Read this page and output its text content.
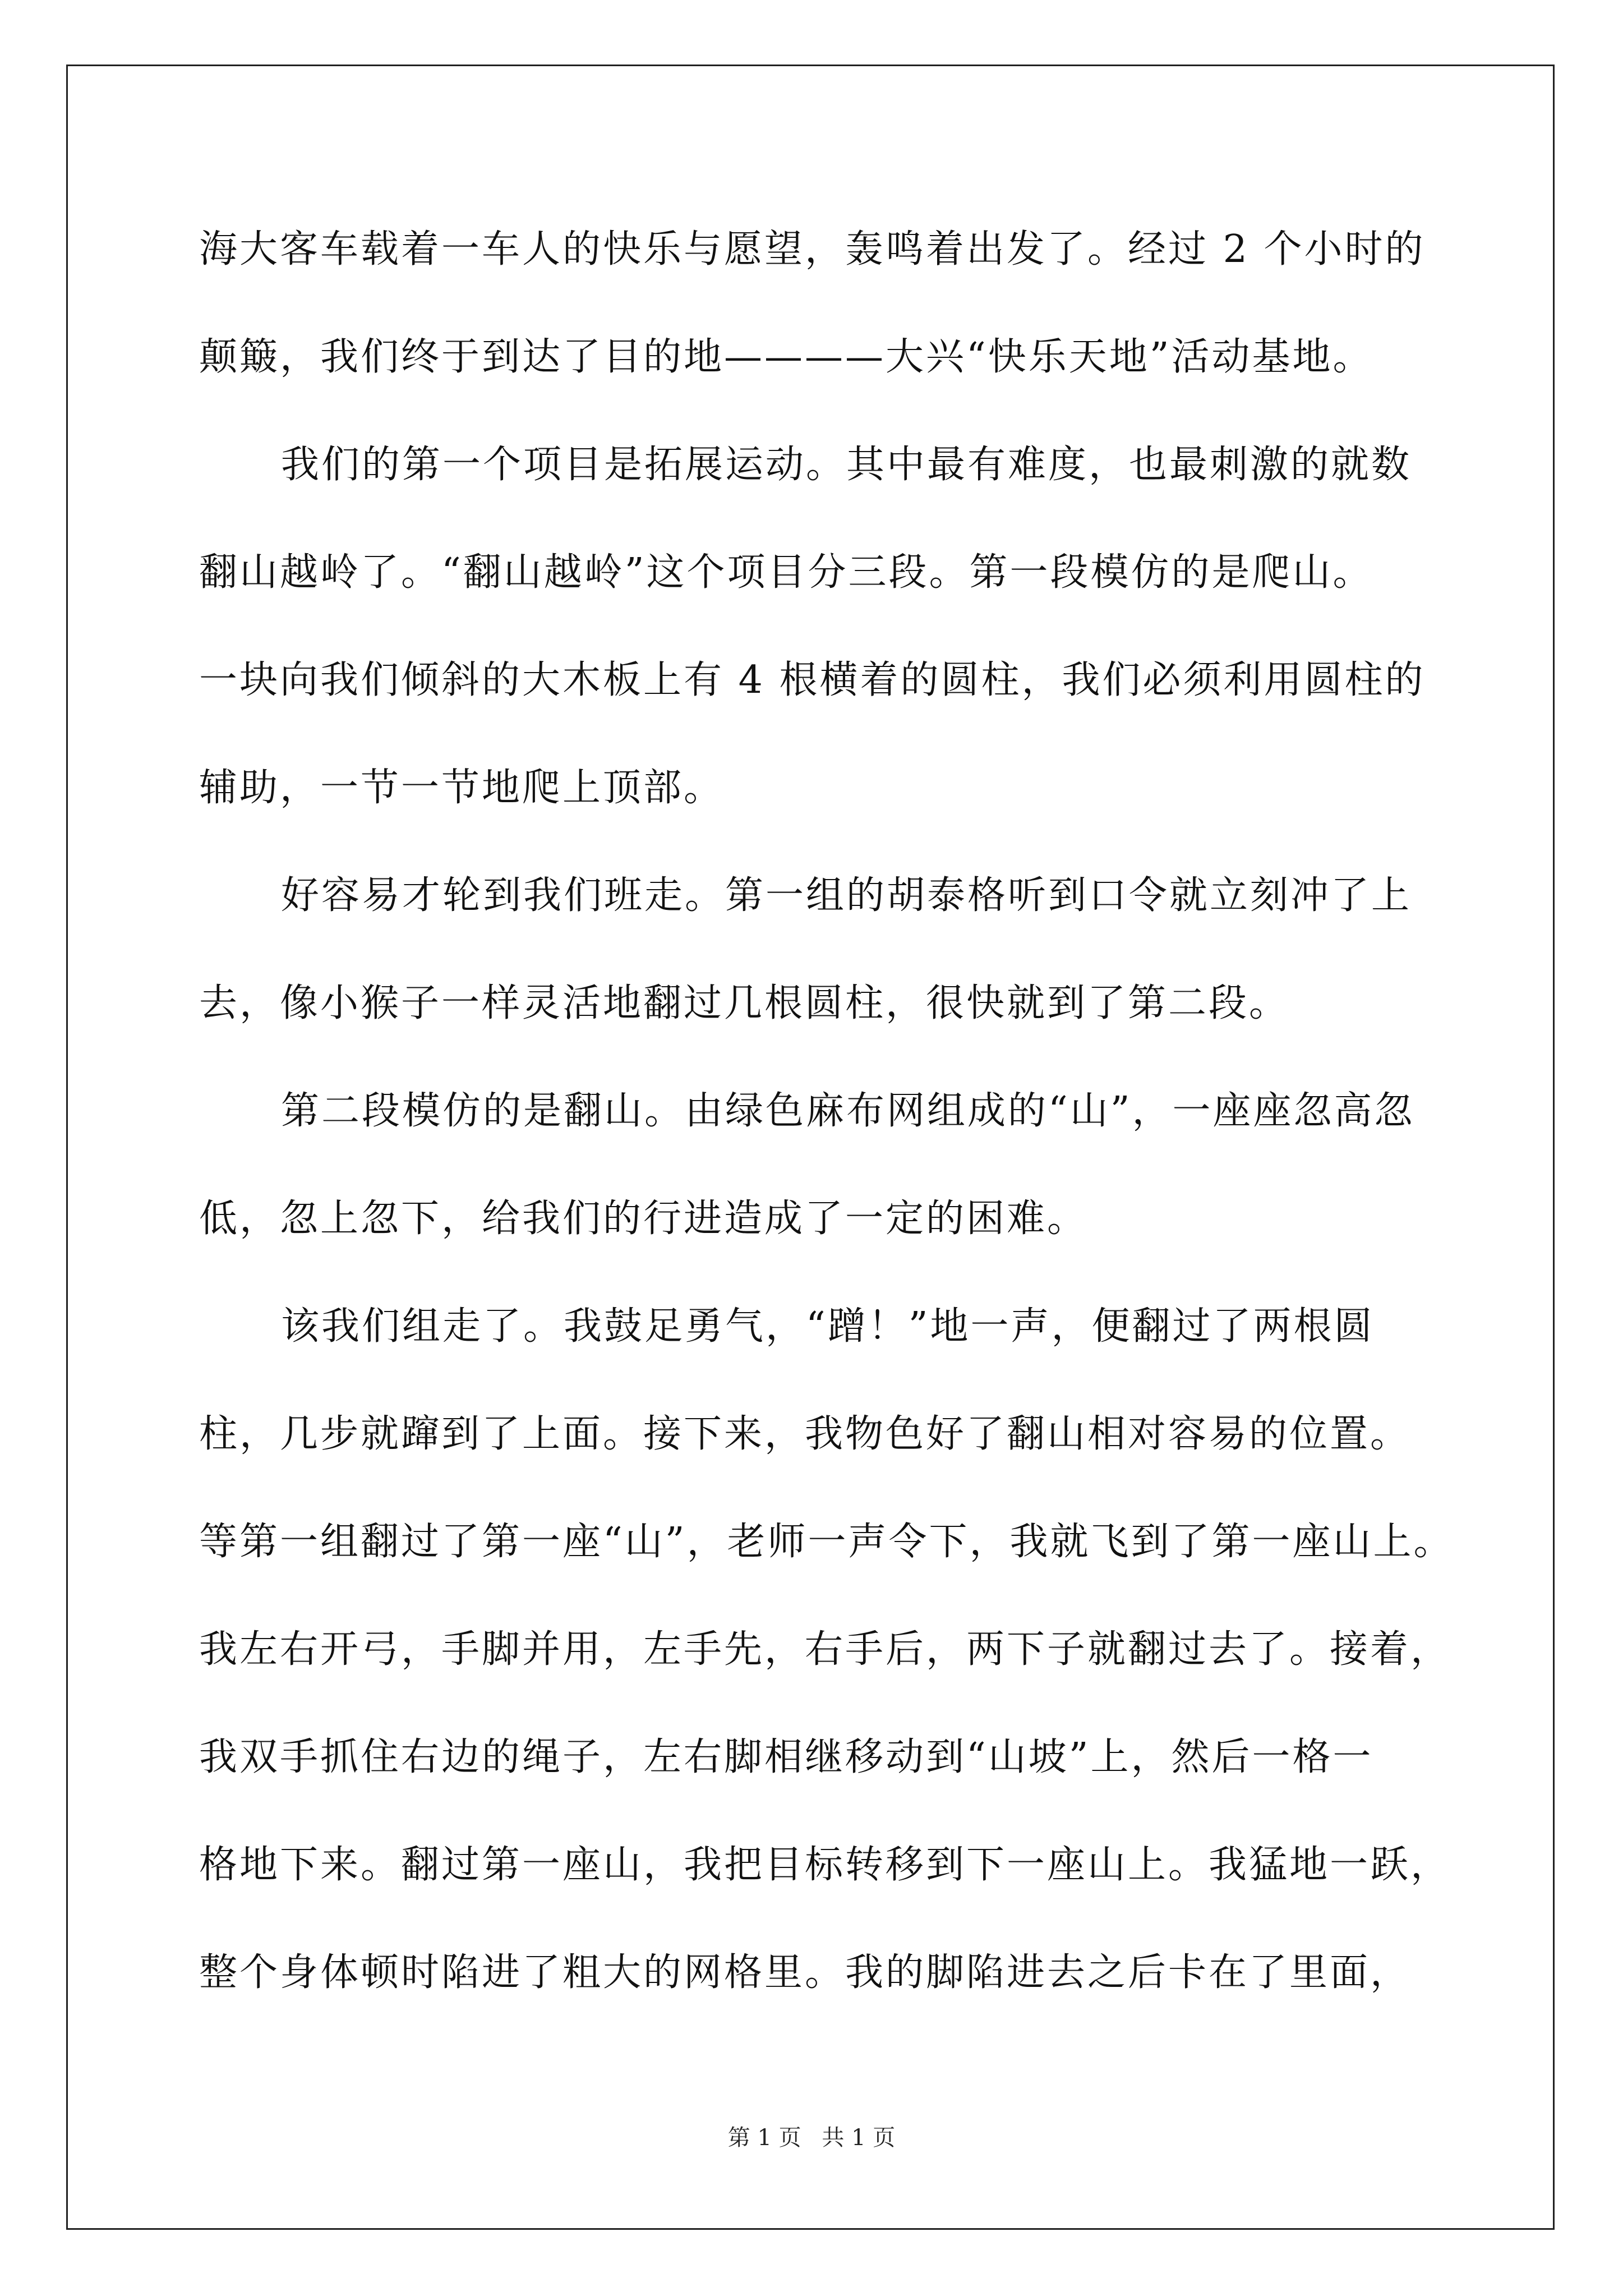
海大客车载着一车人的快乐与愿望，轰鸣着出发了。经过 2 个小时的
颠簸，我们终于到达了目的地————大兴“快乐天地”活动基地。
我们的第一个项目是拓展运动。其中最有难度，也最刺激的就数
翻山越岭了。“翻山越岭”这个项目分三段。第一段模仿的是爬山。
一块向我们倾斜的大木板上有 4 根横着的圆柱，我们必须利用圆柱的
辅助，一节一节地爬上顶部。
好容易才轮到我们班走。第一组的胡泰格听到口令就立刻冲了上
去，像小猴子一样灵活地翻过几根圆柱，很快就到了第二段。
第二段模仿的是翻山。由绿色麻布网组成的“山”，一座座忽高忽
低，忽上忽下，给我们的行进造成了一定的困难。
该我们组走了。我鼓足勇气，“蹭！”地一声，便翻过了两根圆
柱，几步就蹿到了上面。接下来，我物色好了翻山相对容易的位置。
等第一组翻过了第一座“山”，老师一声令下，我就飞到了第一座山上。
我左右开弓，手脚并用，左手先，右手后，两下子就翻过去了。接着，
我双手抓住右边的绳子，左右脚相继移动到“山坡”上，然后一格一
格地下来。翻过第一座山，我把目标转移到下一座山上。我猛地一跃，
整个身体顿时陷进了粗大的网格里。我的脚陷进去之后卡在了里面，
第 1 页 共 1 页
